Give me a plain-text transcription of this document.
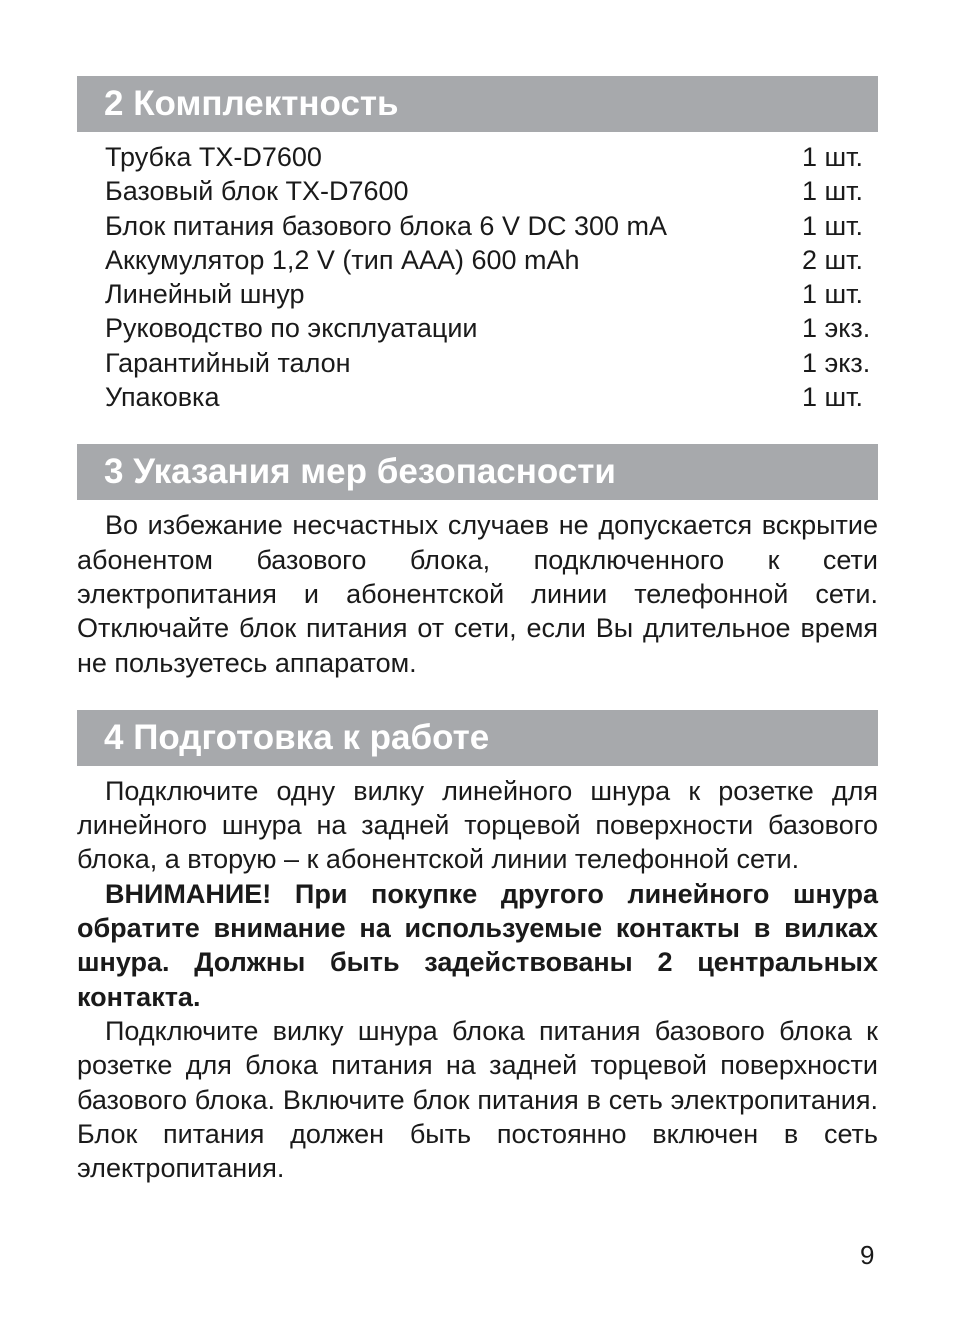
2 Комплектность
Трубка TX-D7600	1 шт.
Базовый блок TX-D7600	1 шт.
Блок питания базового блока 6 V DC 300 mA	1 шт.
Аккумулятор 1,2 V (тип ААА) 600 mAh	2 шт.
Линейный шнур	1 шт.
Руководство по эксплуатации	1 экз.
Гарантийный талон	1 экз.
Упаковка	1 шт.
3 Указания мер безопасности

Во избежание несчастных случаев не допускается вскрытие абонентом базового блока, подключенного к сети электропитания и абонентской линии телефонной сети. Отключайте блок питания от сети, если Вы длительное время не пользуетесь аппаратом.

4 Подготовка к работе

Подключите одну вилку линейного шнура к розетке для линейного шнура на задней торцевой поверхности базового блока, а вторую – к абонентской линии телефонной сети.

ВНИМАНИЕ! При покупке другого линейного шнура обратите внимание на используемые контакты в вилках шнура. Должны быть задействованы 2 центральных контакта.

Подключите вилку шнура блока питания базового блока к розетке для блока питания на задней торцевой поверхности базового блока. Включите блок питания в сеть электропитания. Блок питания должен быть постоянно включен в сеть электропитания.

9
